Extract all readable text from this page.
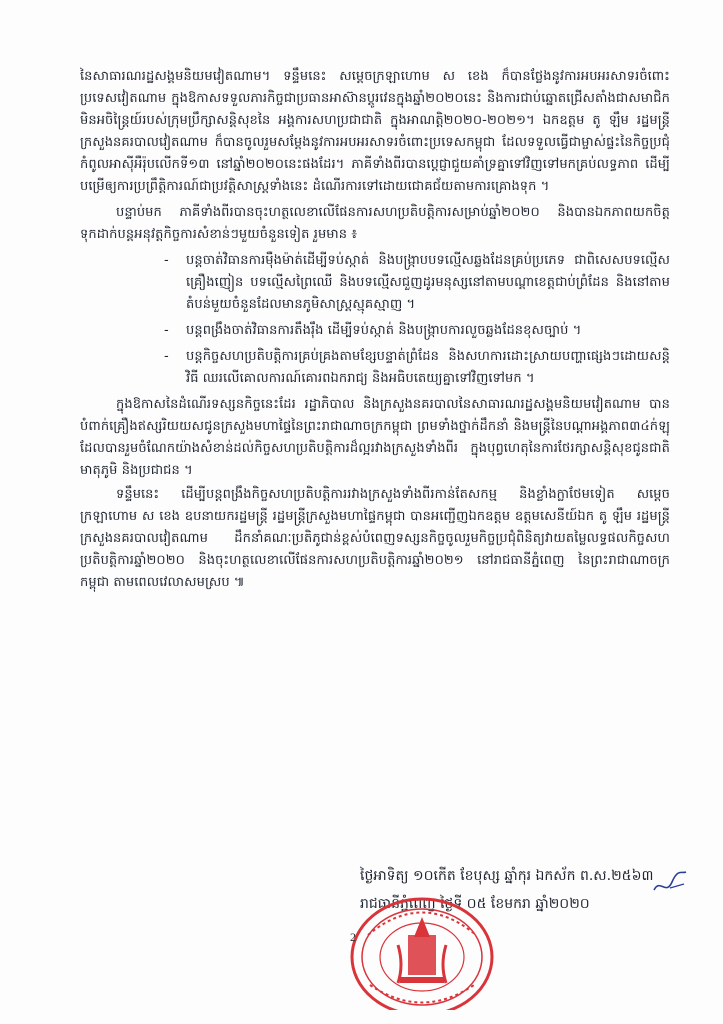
នៃសាធារណរដ្ឋសង្គមនិយមវៀតណាម។ ទន្ទឹមនេះ សម្ដេចក្រឡាហោម ស ខេង ក៏បានថ្លែងនូវការអបអរសាទរចំពោះប្រទេសវៀតណាម ក្នុងឱកាសទទួលភារកិច្ចជាប្រធានអាស៊ានប្ដូរវេនក្នុងឆ្នាំ២០២០នេះ និងការជាប់ឆ្នោតជ្រើសតាំងជាសមាជិកមិនអចិន្ត្រៃយ៍របស់ក្រុមប្រឹក្សាសន្តិសុខនៃ អង្គការសហប្រជាជាតិ ក្នុងអាណត្តិ២០២០-២០២១។ ឯកឧត្តម តូ ឡឹម រដ្ឋមន្ត្រីក្រសួងនគរបាលវៀតណាម ក៏បានចូលរួមសម្ដែងនូវការអបអរសាទរចំពោះប្រទេសកម្ពុជា ដែលទទួលធ្វើជាម្ចាស់ផ្ទះនៃកិច្ចប្រជុំកំពូលអាស៊ីអឺរ៉ុបលើកទី១៣ នៅឆ្នាំ២០២០នេះផងដែរ។ ភាគីទាំងពីរបានប្ដេជ្ញាជួយគាំទ្រគ្នាទៅវិញទៅមកគ្រប់លទ្ធភាព ដើម្បីបម្រើឲ្យការប្រព្រឹត្តិការណ៍ជាប្រវត្តិសាស្ត្រទាំងនេះ ដំណើរការទៅដោយជោគជ័យតាមការគ្រោងទុក ។

បន្ទាប់មក ភាគីទាំងពីរបានចុះហត្ថលេខាលើផែនការសហប្រតិបត្តិការសម្រាប់ឆ្នាំ២០២០ និងបានឯកភាពយកចិត្តទុកដាក់បន្តអនុវត្តកិច្ចការសំខាន់ៗមួយចំនួនទៀត រួមមាន ៖

- បន្តចាត់វិធានការម៉ឺងម៉ាត់ដើម្បីទប់ស្កាត់ និងបង្ក្រាបបទល្មើសឆ្លងដែនគ្រប់ប្រភេទ ជាពិសេសបទល្មើសគ្រឿងញៀន បទល្មើសព្រៃឈើ និងបទល្មើសជួញដូរមនុស្សនៅតាមបណ្ដាខេត្តជាប់ព្រំដែន និងនៅតាមតំបន់មួយចំនួនដែលមានភូមិសាស្ត្រស្មុគស្មាញ ។
- បន្តពង្រឹងចាត់វិធានការតឹងរ៉ឹង ដើម្បីទប់ស្កាត់ និងបង្ក្រាបការលួចឆ្លងដែនខុសច្បាប់ ។
- បន្តកិច្ចសហប្រតិបត្តិការគ្រប់គ្រងតាមខ្សែបន្ទាត់ព្រំដែន និងសហការដោះស្រាយបញ្ហាផ្សេងៗដោយសន្តិវិធី ឈរលើគោលការណ៍គោរពឯករាជ្យ និងអធិបតេយ្យគ្នាទៅវិញទៅមក ។

ក្នុងឱកាសនៃដំណើរទស្សនកិច្ចនេះដែរ រដ្ឋាភិបាល និងក្រសួងនគរបាលនៃសាធារណរដ្ឋសង្គមនិយមវៀតណាម បានបំពាក់គ្រឿងឥស្សរិយយសជូនក្រសួងមហាផ្ទៃនៃព្រះរាជាណាចក្រកម្ពុជា ព្រមទាំងថ្នាក់ដឹកនាំ និងមន្ត្រីនៃបណ្ដាអង្គភាព៣៤ក់ឡុ ដែលបានរួមចំណែកយ៉ាងសំខាន់ដល់កិច្ចសហប្រតិបត្តិការដ៏ល្អរវាងក្រសួងទាំងពីរ ក្នុងបុព្វហេតុនៃការថែរក្សាសន្តិសុខជូនជាតិមាតុភូមិ និងប្រជាជន ។

ទន្ទឹមនេះ ដើម្បីបន្តពង្រឹងកិច្ចសហប្រតិបត្តិការរវាងក្រសួងទាំងពីរកាន់តែសកម្ម និងខ្លាំងក្លាថែមទៀត សម្ដេចក្រឡាហោម ស ខេង ឧបនាយករដ្ឋមន្ត្រី រដ្ឋមន្ត្រីក្រសួងមហាផ្ទៃកម្ពុជា បានអញ្ជើញឯកឧត្តម ឧត្តមសេនីយ៍ឯក តូ ឡឹម រដ្ឋមន្ត្រីក្រសួងនគរបាលវៀតណាម ដឹកនាំគណៈប្រតិភូជាន់ខ្ពស់បំពេញទស្សនកិច្ចចូលរួមកិច្ចប្រជុំពិនិត្យវាយតម្លៃលទ្ធផលកិច្ចសហប្រតិបត្តិការឆ្នាំ២០២០ និងចុះហត្ថលេខាលើផែនការសហប្រតិបត្តិការឆ្នាំ២០២១ នៅរាជធានីភ្នំពេញ នៃព្រះរាជាណាចក្រកម្ពុជា តាមពេលវេលាសមស្រប ៕

ថ្ងៃអាទិត្យ ១០កើត ខែបុស្ស ឆ្នាំកុរ ឯកស័ក ព.ស.២៥៦៣
រាជធានីភ្នំពេញ ថ្ងៃទី ០៥ ខែមករា ឆ្នាំ២០២០
2
